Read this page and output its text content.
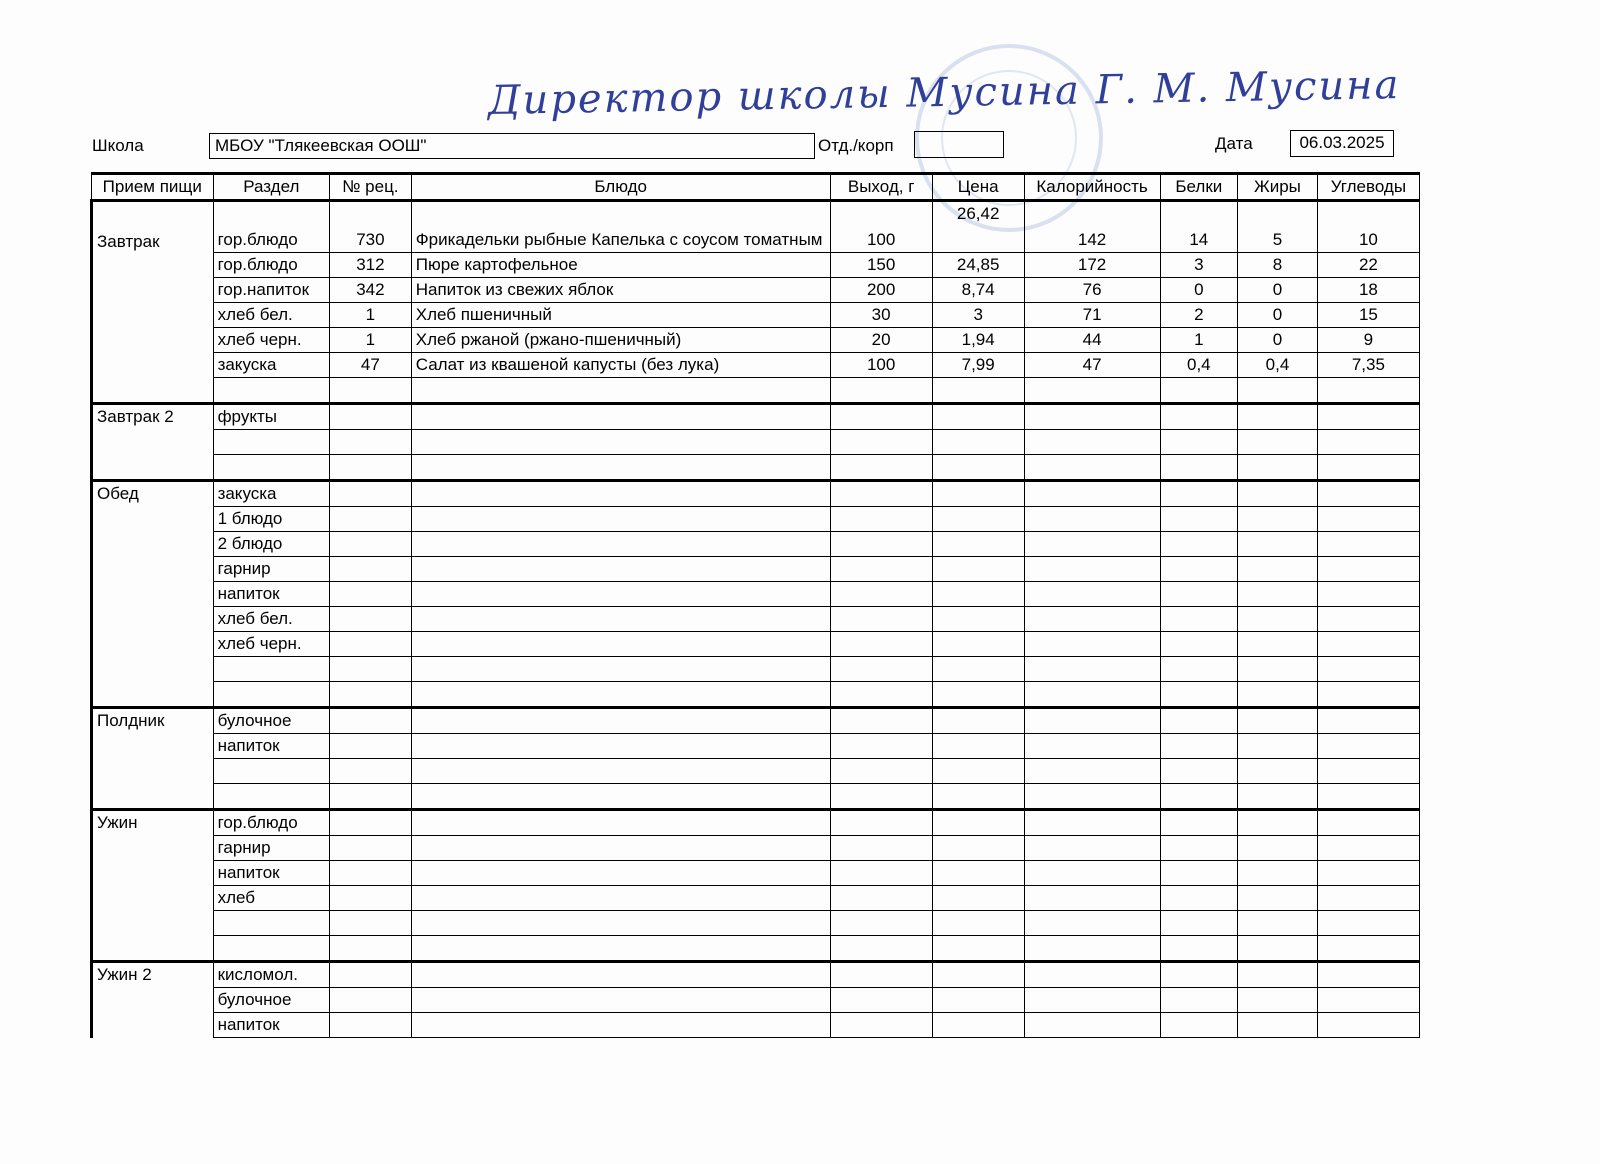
Директор школы Мусина Г. М. Мусина
Школа	МБОУ "Тлякеевская ООШ"	Отд./корп	Дата	06.03.2025
Прием пищи	Раздел	№ рец.	Блюдо	Выход, г	Цена	Калорийность	Белки	Жиры	Углеводы
Завтрак	гор.блюдо	730	Фрикадельки рыбные Капелька с соусом томатным	100	26,42	142	14	5	10
	гор.блюдо	312	Пюре картофельное	150	24,85	172	3	8	22
	гор.напиток	342	Напиток из свежих яблок	200	8,74	76	0	0	18
	хлеб бел.	1	Хлеб пшеничный	30	3	71	2	0	15
	хлеб черн.	1	Хлеб ржаной (ржано-пшеничный)	20	1,94	44	1	0	9
	закуска	47	Салат из квашеной капусты (без лука)	100	7,99	47	0,4	0,4	7,35

Завтрак 2	фрукты								

Обед	закуска								
	1 блюдо								
	2 блюдо								
	гарнир								
	напиток								
	хлеб бел.								
	хлеб черн.								

Полдник	булочное								
	напиток								

Ужин	гор.блюдо								
	гарнир								
	напиток								
	хлеб								

Ужин 2	кисломол.								
	булочное								
	напиток								
